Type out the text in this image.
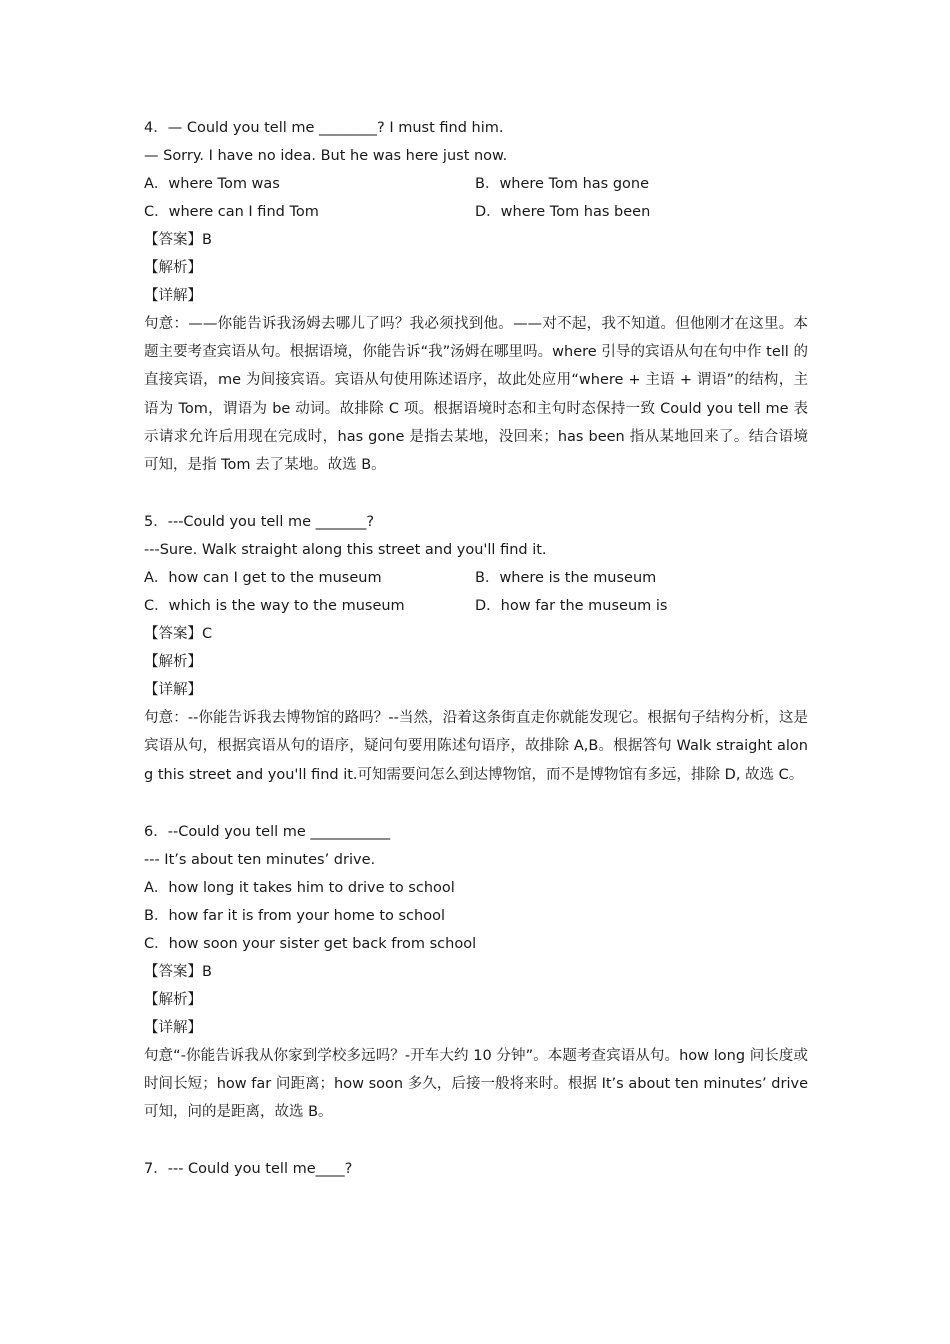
4．— Could you tell me ________? I must find him.
— Sorry. I have no idea. But he was here just now.
A．where Tom was	B．where Tom has gone
C．where can I find Tom	D．where Tom has been
【答案】B
【解析】
【详解】
句意：——你能告诉我汤姆去哪儿了吗？我必须找到他。——对不起，我不知道。但他刚才在这里。本题主要考查宾语从句。根据语境，你能告诉“我”汤姆在哪里吗。where 引导的宾语从句在句中作 tell 的直接宾语，me 为间接宾语。宾语从句使用陈述语序，故此处应用“where + 主语 + 谓语”的结构，主语为 Tom，谓语为 be 动词。故排除 C 项。根据语境时态和主句时态保持一致 Could you tell me 表示请求允许后用现在完成时，has gone 是指去某地，没回来；has been 指从某地回来了。结合语境可知，是指 Tom 去了某地。故选 B。
5．---Could you tell me _______?
---Sure. Walk straight along this street and you'll find it.
A．how can I get to the museum	B．where is the museum
C．which is the way to the museum	D．how far the museum is
【答案】C
【解析】
【详解】
句意：--你能告诉我去博物馆的路吗？--当然，沿着这条街直走你就能发现它。根据句子结构分析，这是宾语从句，根据宾语从句的语序，疑问句要用陈述句语序，故排除 A,B。根据答句 Walk straight along this street and you'll find it.可知需要问怎么到达博物馆，而不是博物馆有多远，排除 D, 故选 C。
6．--Could you tell me ___________
--- It’s about ten minutes’ drive.
A．how long it takes him to drive to school
B．how far it is from your home to school
C．how soon your sister get back from school
【答案】B
【解析】
【详解】
句意“-你能告诉我从你家到学校多远吗？-开车大约 10 分钟”。本题考查宾语从句。how long 问长度或时间长短；how far 问距离；how soon 多久，后接一般将来时。根据 It’s about ten minutes’ drive 可知，问的是距离，故选 B。
7．--- Could you tell me____?
